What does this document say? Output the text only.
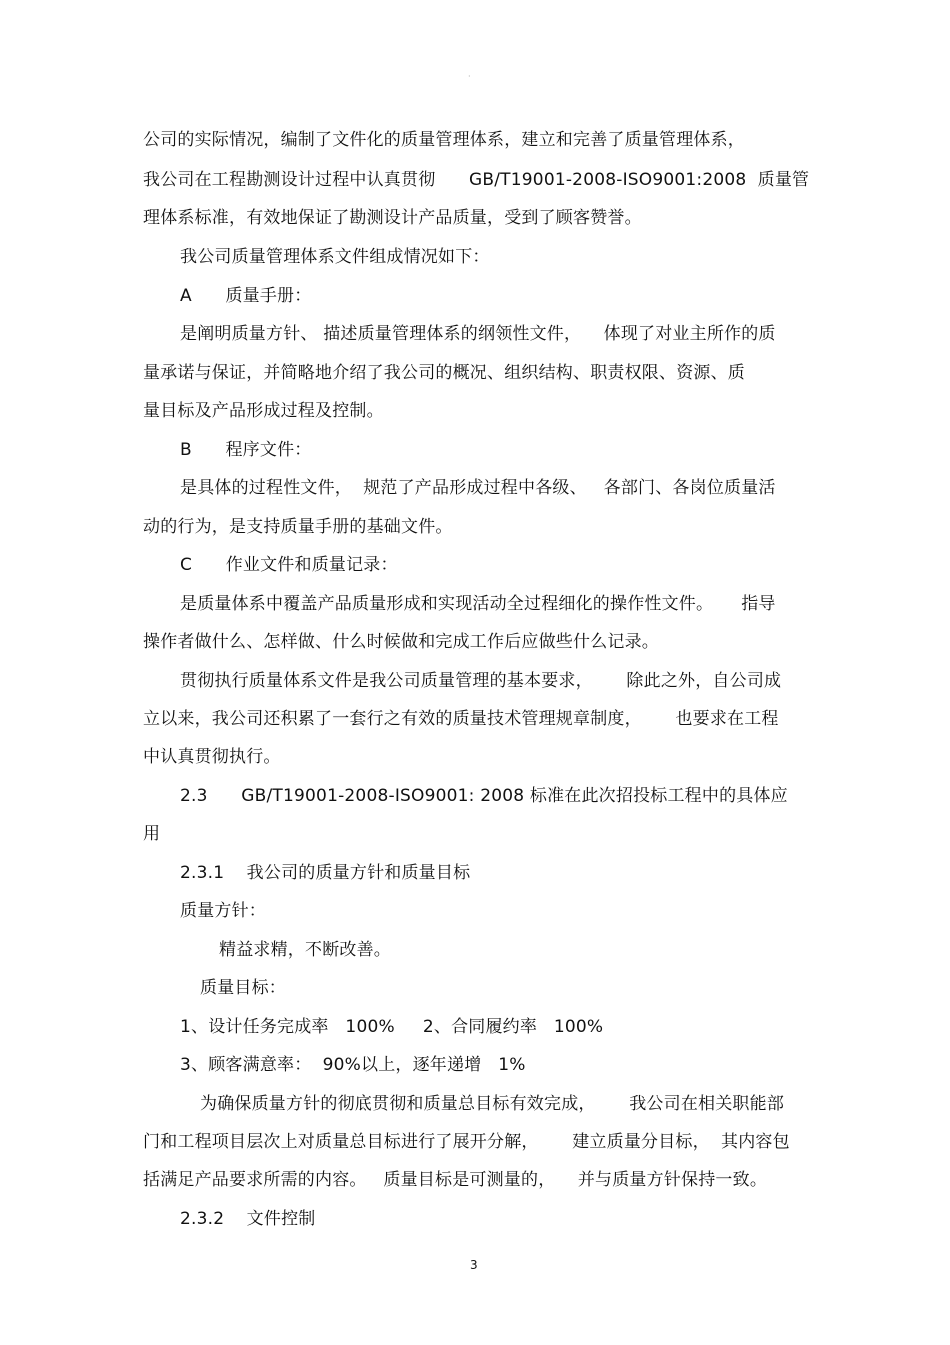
·
公司的实际情况，编制了文件化的质量管理体系，建立和完善了质量管理体系，
我公司在工程勘测设计过程中认真贯彻      GB/T19001-2008-ISO9001:2008  质量管
理体系标准，有效地保证了勘测设计产品质量，受到了顾客赞誉。
我公司质量管理体系文件组成情况如下：
A      质量手册：
是阐明质量方针、 描述质量管理体系的纲领性文件，    体现了对业主所作的质
量承诺与保证，并简略地介绍了我公司的概况、组织结构、职责权限、资源、质
量目标及产品形成过程及控制。
B      程序文件：
是具体的过程性文件，  规范了产品形成过程中各级、   各部门、各岗位质量活
动的行为，是支持质量手册的基础文件。
C      作业文件和质量记录：
是质量体系中覆盖产品质量形成和实现活动全过程细化的操作性文件。     指导
操作者做什么、怎样做、什么时候做和完成工作后应做些什么记录。
贯彻执行质量体系文件是我公司质量管理的基本要求，      除此之外，自公司成
立以来，我公司还积累了一套行之有效的质量技术管理规章制度，      也要求在工程
中认真贯彻执行。
2.3      GB/T19001-2008-ISO9001: 2008 标准在此次招投标工程中的具体应
用
2.3.1    我公司的质量方针和质量目标
质量方针：
精益求精，不断改善。
质量目标：
1、设计任务完成率   100%     2、合同履约率   100%
3、顾客满意率：  90%以上，逐年递增   1%
为确保质量方针的彻底贯彻和质量总目标有效完成，      我公司在相关职能部
门和工程项目层次上对质量总目标进行了展开分解，      建立质量分目标，  其内容包
括满足产品要求所需的内容。   质量目标是可测量的，    并与质量方针保持一致。
2.3.2    文件控制
3
